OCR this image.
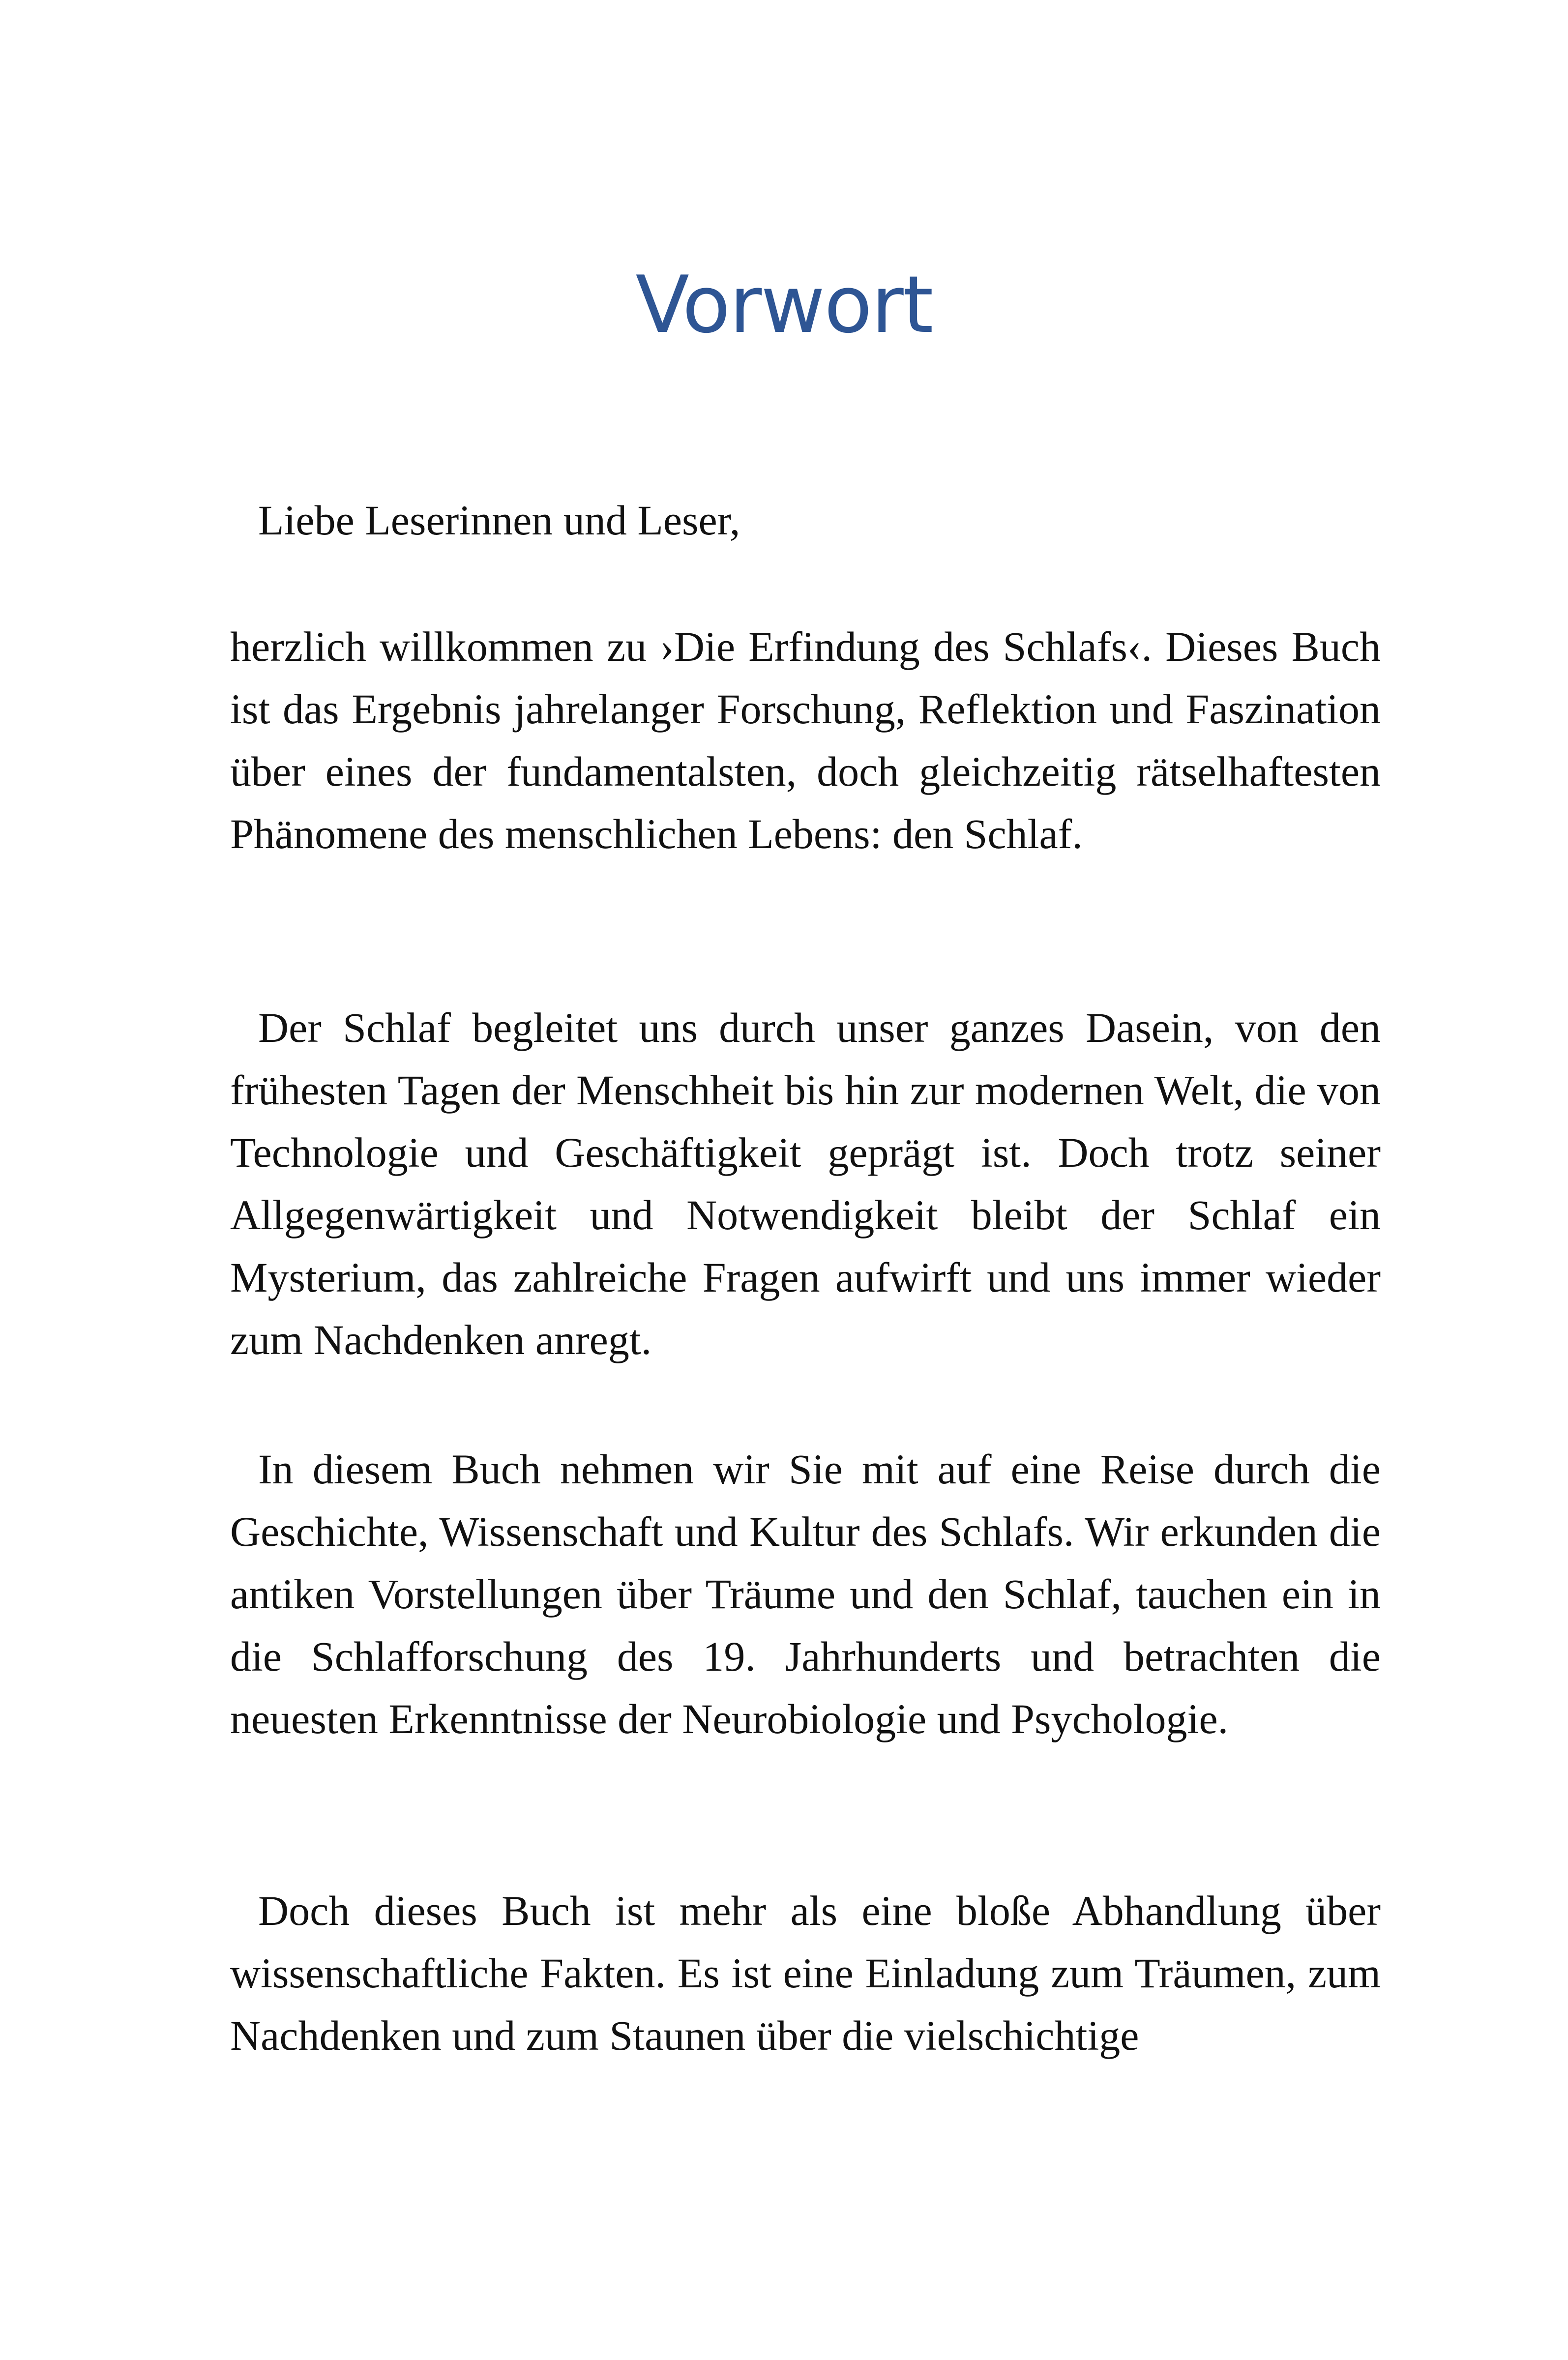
Vorwort
Liebe Leserinnen und Leser,
herzlich willkommen zu ›Die Erfindung des Schlafs‹. Dieses Buch ist das Ergebnis jahrelanger Forschung, Reflektion und Faszination über eines der fundamentalsten, doch gleichzeitig rätselhaftesten Phänomene des menschlichen Lebens: den Schlaf.
Der Schlaf begleitet uns durch unser ganzes Dasein, von den frühesten Tagen der Menschheit bis hin zur modernen Welt, die von Technologie und Geschäftigkeit geprägt ist. Doch trotz seiner Allgegenwärtigkeit und Notwendigkeit bleibt der Schlaf ein Mysterium, das zahlreiche Fragen aufwirft und uns immer wieder zum Nachdenken anregt.
In diesem Buch nehmen wir Sie mit auf eine Reise durch die Geschichte, Wissenschaft und Kultur des Schlafs. Wir erkunden die antiken Vorstellungen über Träume und den Schlaf, tauchen ein in die Schlafforschung des 19. Jahrhunderts und betrachten die neuesten Erkenntnisse der Neurobiologie und Psychologie.
Doch dieses Buch ist mehr als eine bloße Abhandlung über wissenschaftliche Fakten. Es ist eine Einladung zum Träumen, zum Nachdenken und zum Staunen über die vielschichtige
